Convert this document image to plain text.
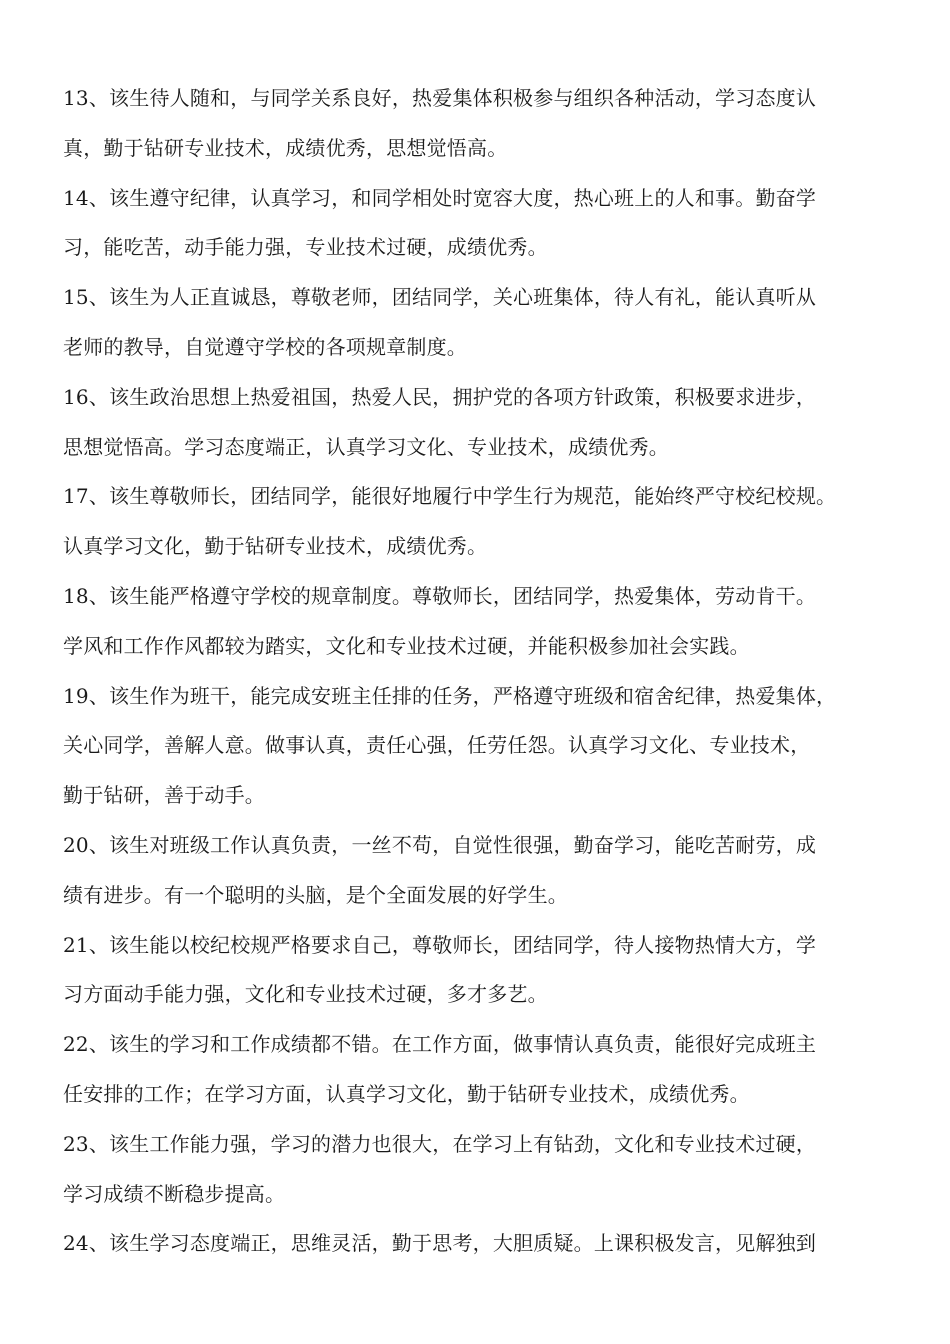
13、该生待人随和，与同学关系良好，热爱集体积极参与组织各种活动，学习态度认
真，勤于钻研专业技术，成绩优秀，思想觉悟高。
14、该生遵守纪律，认真学习，和同学相处时宽容大度，热心班上的人和事。勤奋学
习，能吃苦，动手能力强，专业技术过硬，成绩优秀。
15、该生为人正直诚恳，尊敬老师，团结同学，关心班集体，待人有礼，能认真听从
老师的教导，自觉遵守学校的各项规章制度。
16、该生政治思想上热爱祖国，热爱人民，拥护党的各项方针政策，积极要求进步，
思想觉悟高。学习态度端正，认真学习文化、专业技术，成绩优秀。
17、该生尊敬师长，团结同学，能很好地履行中学生行为规范，能始终严守校纪校规。
认真学习文化，勤于钻研专业技术，成绩优秀。
18、该生能严格遵守学校的规章制度。尊敬师长，团结同学，热爱集体，劳动肯干。
学风和工作作风都较为踏实，文化和专业技术过硬，并能积极参加社会实践。
19、该生作为班干，能完成安班主任排的任务，严格遵守班级和宿舍纪律，热爱集体，
关心同学，善解人意。做事认真，责任心强，任劳任怨。认真学习文化、专业技术，
勤于钻研，善于动手。
20、该生对班级工作认真负责，一丝不苟，自觉性很强，勤奋学习，能吃苦耐劳，成
绩有进步。有一个聪明的头脑，是个全面发展的好学生。
21、该生能以校纪校规严格要求自己，尊敬师长，团结同学，待人接物热情大方，学
习方面动手能力强，文化和专业技术过硬，多才多艺。
22、该生的学习和工作成绩都不错。在工作方面，做事情认真负责，能很好完成班主
任安排的工作；在学习方面，认真学习文化，勤于钻研专业技术，成绩优秀。
23、该生工作能力强，学习的潜力也很大，在学习上有钻劲，文化和专业技术过硬，
学习成绩不断稳步提高。
24、该生学习态度端正，思维灵活，勤于思考，大胆质疑。上课积极发言，见解独到
